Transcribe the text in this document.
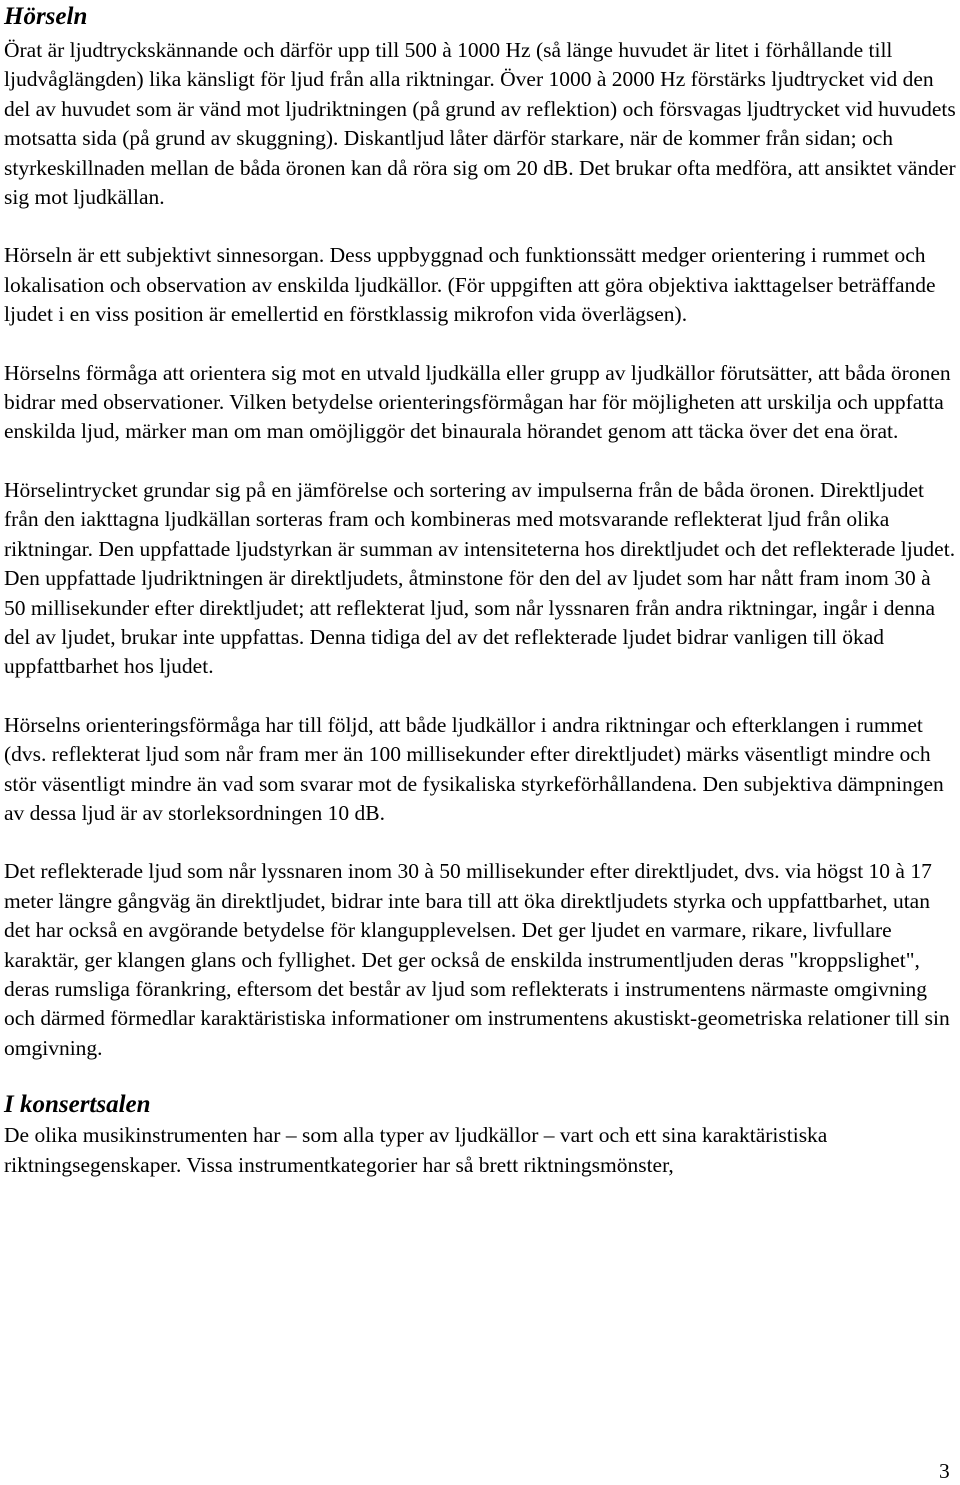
Hörseln

Örat är ljudtryckskännande och därför upp till 500 à 1000 Hz (så länge huvudet är litet i förhållande till ljudvåglängden) lika känsligt för ljud från alla riktningar. Över 1000 à 2000 Hz förstärks ljudtrycket vid den del av huvudet som är vänd mot ljudriktningen (på grund av reflektion) och försvagas ljudtrycket vid huvudets motsatta sida (på grund av skuggning). Diskantljud låter därför starkare, när de kommer från sidan; och styrkeskillnaden mellan de båda öronen kan då röra sig om 20 dB. Det brukar ofta medföra, att ansiktet vänder sig mot ljudkällan.

Hörseln är ett subjektivt sinnesorgan. Dess uppbyggnad och funktionssätt medger orientering i rummet och lokalisation och observation av enskilda ljudkällor. (För uppgiften att göra objektiva iakttagelser beträffande ljudet i en viss position är emellertid en förstklassig mikrofon vida överlägsen).

Hörselns förmåga att orientera sig mot en utvald ljudkälla eller grupp av ljudkällor förutsätter, att båda öronen bidrar med observationer. Vilken betydelse orienteringsförmågan har för möjligheten att urskilja och uppfatta enskilda ljud, märker man om man omöjliggör det binaurala hörandet genom att täcka över det ena örat.

Hörselintrycket grundar sig på en jämförelse och sortering av impulserna från de båda öronen. Direktljudet från den iakttagna ljudkällan sorteras fram och kombineras med motsvarande reflekterat ljud från olika riktningar. Den uppfattade ljudstyrkan är summan av intensiteterna hos direktljudet och det reflekterade ljudet. Den uppfattade ljudriktningen är direktljudets, åtminstone för den del av ljudet som har nått fram inom 30 à 50 millisekunder efter direktljudet; att reflekterat ljud, som når lyssnaren från andra riktningar, ingår i denna del av ljudet, brukar inte uppfattas. Denna tidiga del av det reflekterade ljudet bidrar vanligen till ökad uppfattbarhet hos ljudet.

Hörselns orienteringsförmåga har till följd, att både ljudkällor i andra riktningar och efterklangen i rummet (dvs. reflekterat ljud som når fram mer än 100 millisekunder efter direktljudet) märks väsentligt mindre och stör väsentligt mindre än vad som svarar mot de fysikaliska styrkeförhållandena. Den subjektiva dämpningen av dessa ljud är av storleksordningen 10 dB.

Det reflekterade ljud som når lyssnaren inom 30 à 50 millisekunder efter direktljudet, dvs. via högst 10 à 17 meter längre gångväg än direktljudet, bidrar inte bara till att öka direktljudets styrka och uppfattbarhet, utan det har också en avgörande betydelse för klangupplevelsen. Det ger ljudet en varmare, rikare, livfullare karaktär, ger klangen glans och fyllighet. Det ger också de enskilda instrumentljuden deras "kroppslighet", deras rumsliga förankring, eftersom det består av ljud som reflekterats i instrumentens närmaste omgivning och därmed förmedlar karaktäristiska informationer om instrumentens akustiskt-geometriska relationer till sin omgivning.

I konsertsalen

De olika musikinstrumenten har – som alla typer av ljudkällor – vart och ett sina karaktäristiska riktningsegenskaper. Vissa instrumentkategorier har så brett riktningsmönster,

3
